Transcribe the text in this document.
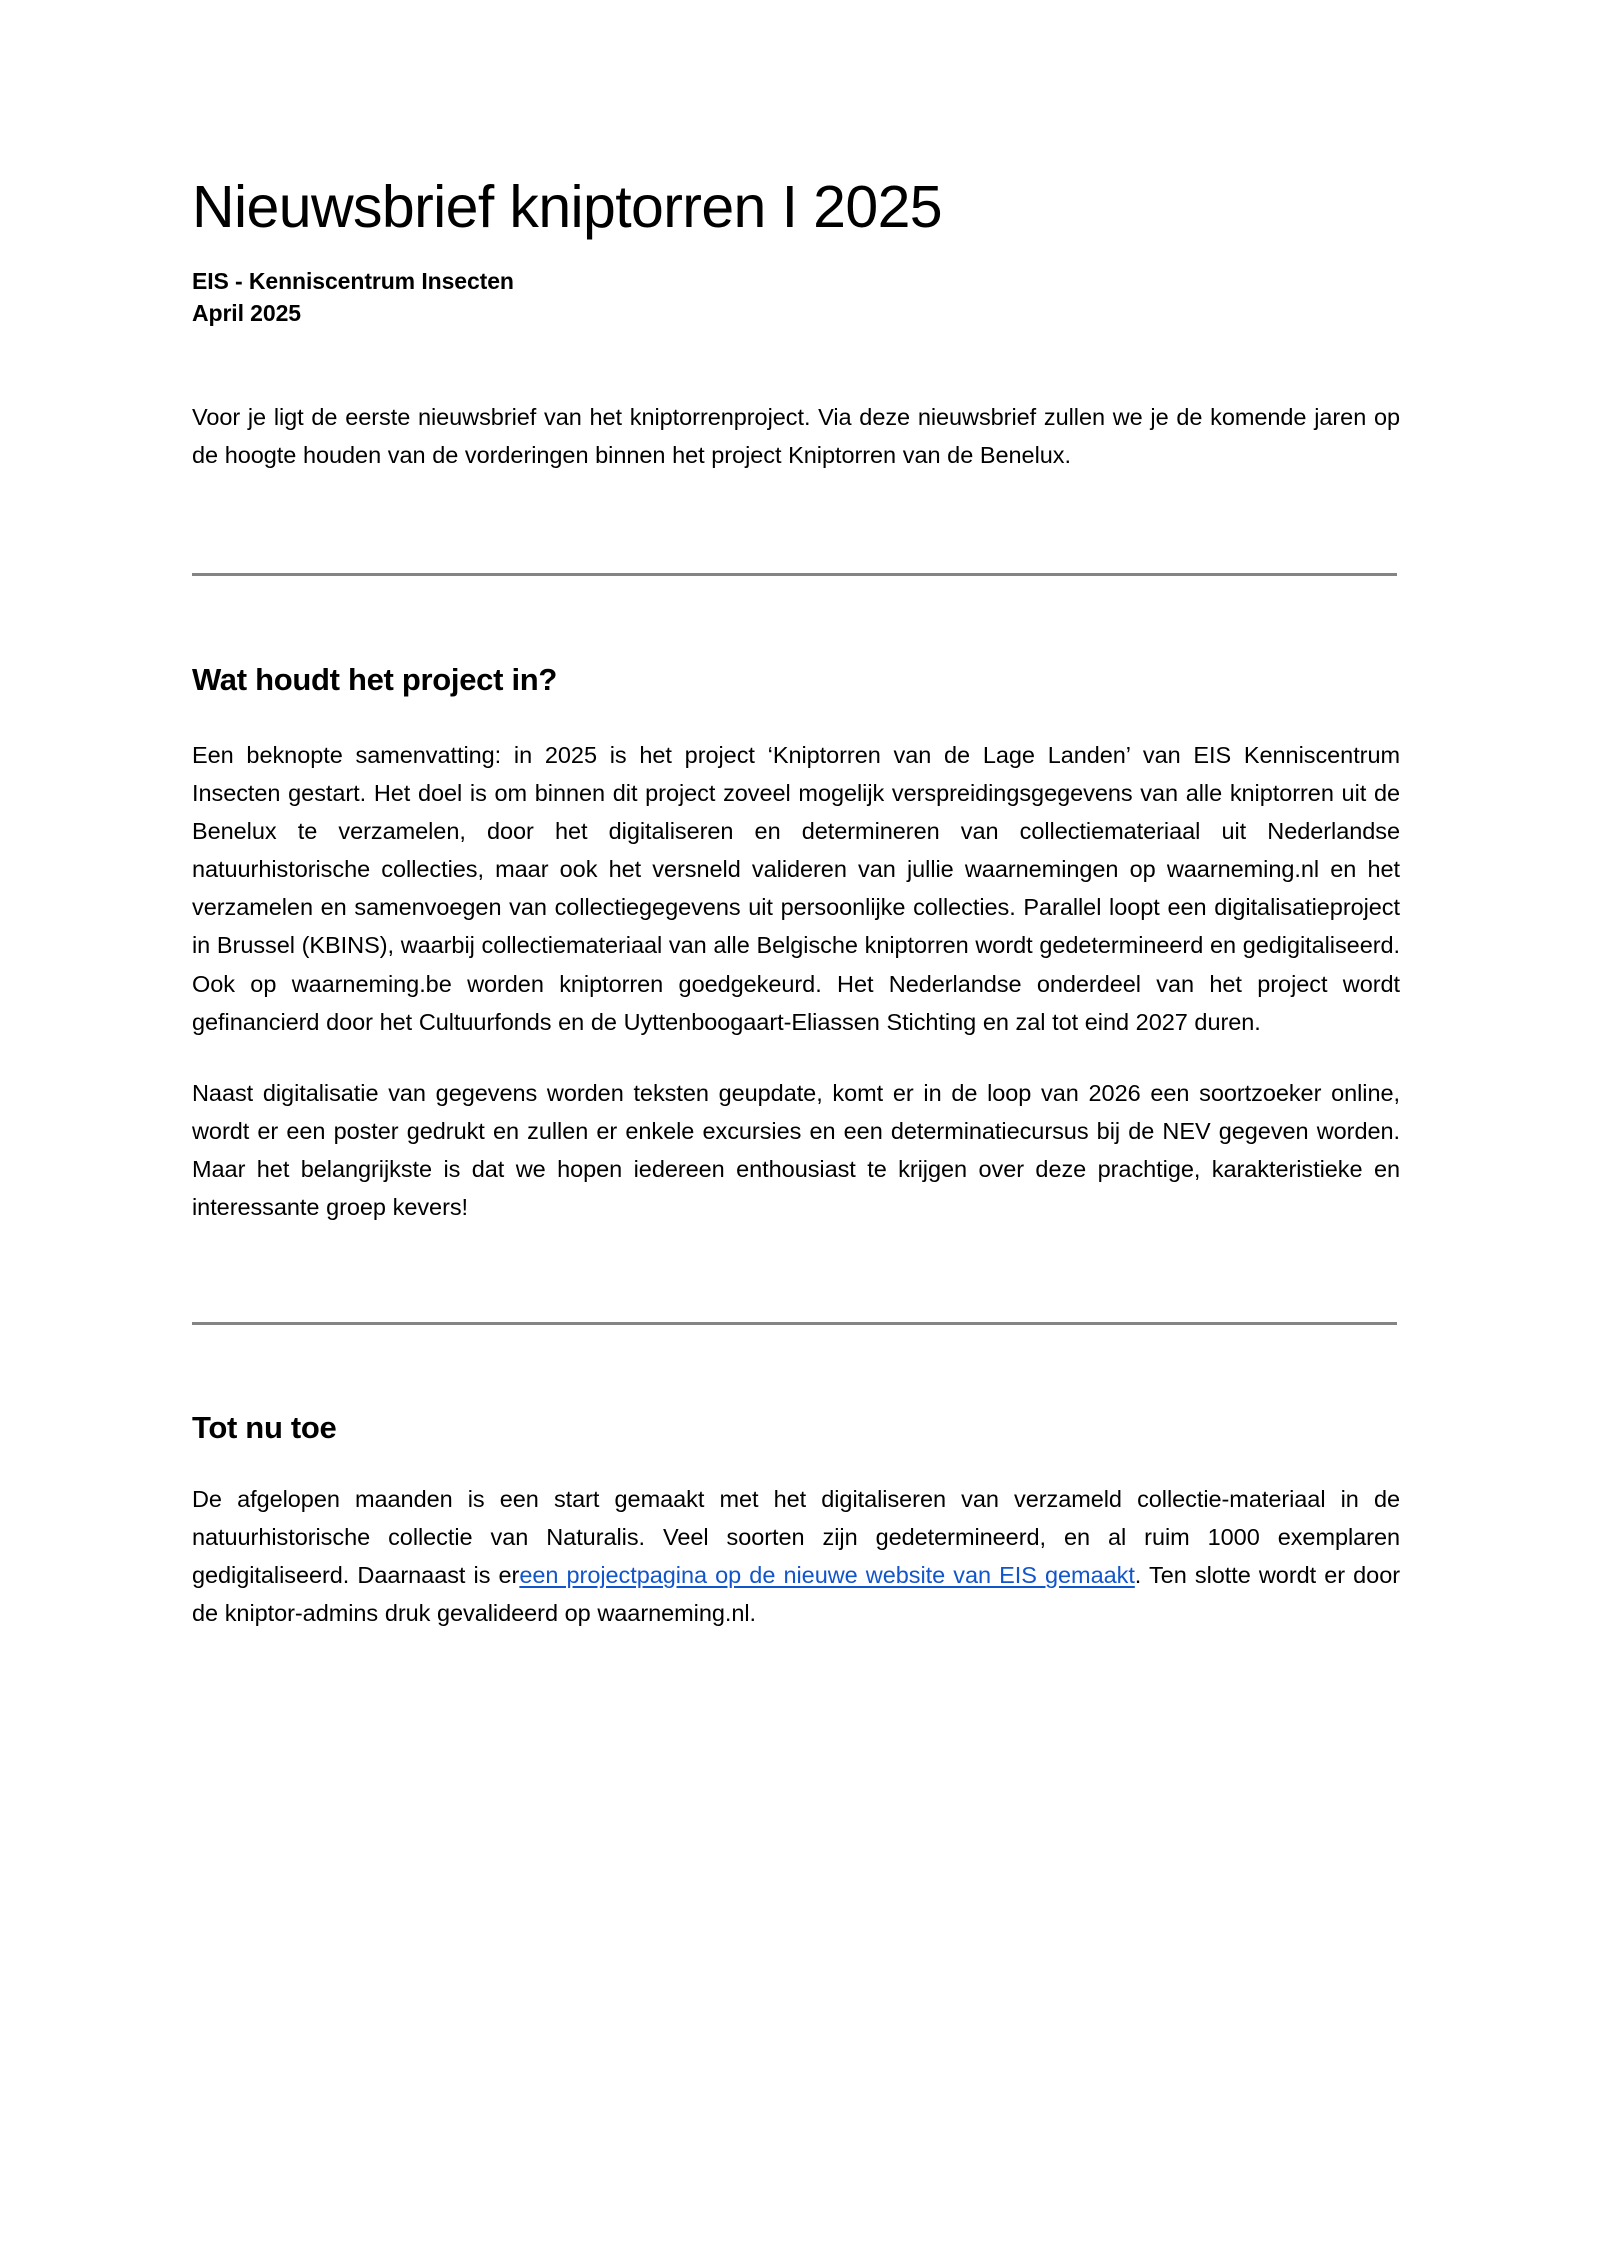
Nieuwsbrief kniptorren I 2025
EIS - Kenniscentrum Insecten
April 2025

Voor je ligt de eerste nieuwsbrief van het kniptorrenproject. Via deze nieuwsbrief zullen we je de komende jaren op de hoogte houden van de vorderingen binnen het project Kniptorren van de Benelux.

Wat houdt het project in?

Een beknopte samenvatting: in 2025 is het project ‘Kniptorren van de Lage Landen’ van EIS Kenniscentrum Insecten gestart. Het doel is om binnen dit project zoveel mogelijk verspreidingsgegevens van alle kniptorren uit de Benelux te verzamelen, door het digitaliseren en determineren van collectiemateriaal uit Nederlandse natuurhistorische collecties, maar ook het versneld valideren van jullie waarnemingen op waarneming.nl en het verzamelen en samenvoegen van collectiegegevens uit persoonlijke collecties. Parallel loopt een digitalisatieproject in Brussel (KBINS), waarbij collectiemateriaal van alle Belgische kniptorren wordt gedetermineerd en gedigitaliseerd. Ook op waarneming.be worden kniptorren goedgekeurd. Het Nederlandse onderdeel van het project wordt gefinancierd door het Cultuurfonds en de Uyttenboogaart-Eliassen Stichting en zal tot eind 2027 duren.

Naast digitalisatie van gegevens worden teksten geupdate, komt er in de loop van 2026 een soortzoeker online, wordt er een poster gedrukt en zullen er enkele excursies en een determinatiecursus bij de NEV gegeven worden. Maar het belangrijkste is dat we hopen iedereen enthousiast te krijgen over deze prachtige, karakteristieke en interessante groep kevers!

Tot nu toe

De afgelopen maanden is een start gemaakt met het digitaliseren van verzameld collectie-materiaal in de natuurhistorische collectie van Naturalis. Veel soorten zijn gedetermineerd, en al ruim 1000 exemplaren gedigitaliseerd. Daarnaast is ereen projectpagina op de nieuwe website van EIS gemaakt. Ten slotte wordt er door de kniptor-admins druk gevalideerd op waarneming.nl.
